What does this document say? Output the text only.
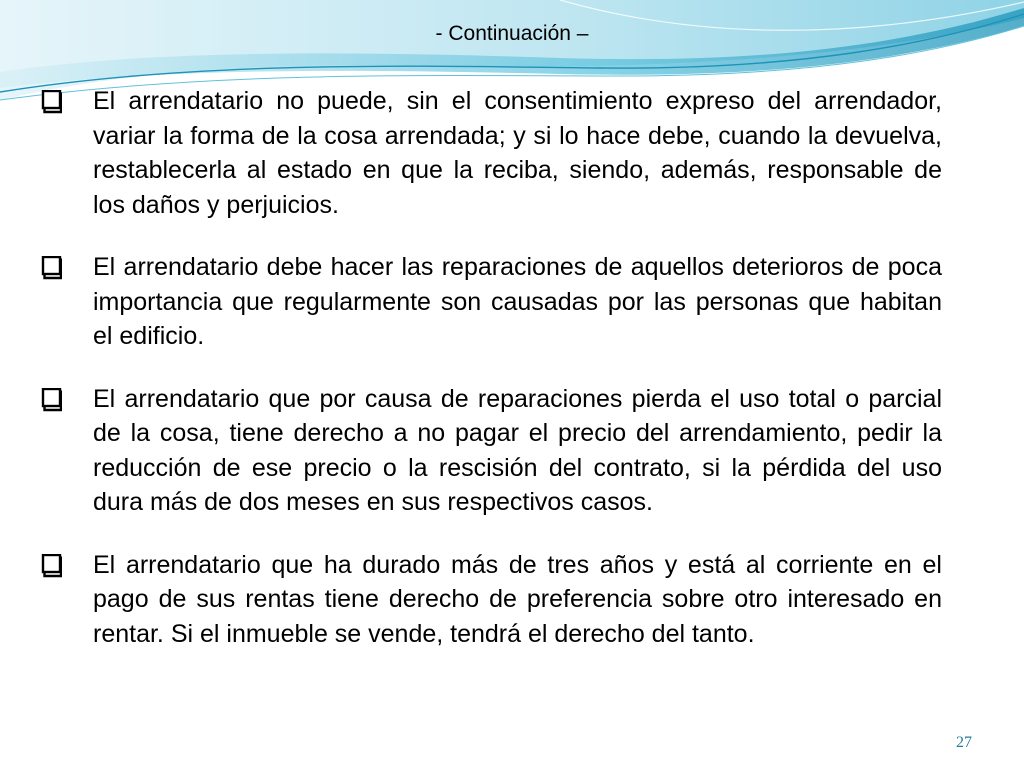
- Continuación –
El arrendatario no puede, sin el consentimiento expreso del arrendador, variar la forma de la cosa arrendada; y si lo hace debe, cuando la devuelva, restablecerla al estado en que la reciba, siendo, además, responsable de los daños y perjuicios.
El arrendatario debe hacer las reparaciones de aquellos deterioros de poca importancia que regularmente son causadas por las personas que habitan el edificio.
El arrendatario que por causa de reparaciones pierda el uso total o parcial de la cosa, tiene derecho a no pagar el precio del arrendamiento, pedir la reducción de ese precio o la rescisión del contrato, si la pérdida del uso dura más de dos meses en sus respectivos casos.
El arrendatario que ha durado más de tres años y está al corriente en el pago de sus rentas tiene derecho de preferencia sobre otro interesado en rentar. Si el inmueble se vende, tendrá el derecho del tanto.
27
